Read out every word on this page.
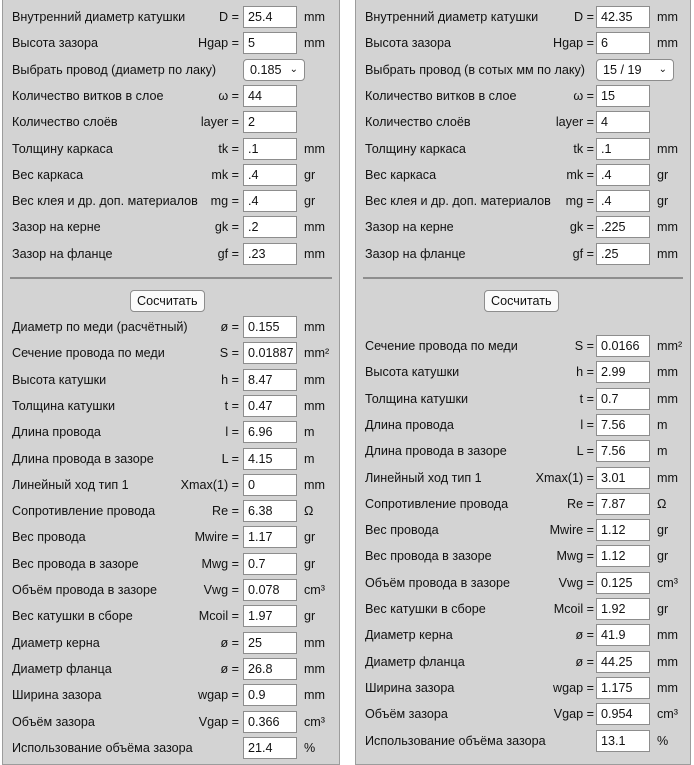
Внутренний диаметр катушки	D =
25.4	mm
Высота зазора	Hgap =
5	mm
Выбрать провод (диаметр по лаку)	0.185 ⌄
Количество витков в слое	ω =
44
Количество слоёв	layer =
2
Толщину каркаса	tk =
.1	mm
Вес каркаса	mk =
.4	gr
Вес клея и др. доп. материалов mg =
.4	gr
Зазор на керне	gk =
.2	mm
Зазор на фланце	gf =
.23	mm
Сосчитать
Диаметр по меди (расчётный)	ø =
0.155	mm
Сечение провода по меди	S =
0.01887	mm²
Высота катушки	h =
8.47	mm
Толщина катушки	t =
0.47	mm
Длина провода	l =
6.96	m
Длина провода в зазоре	L =
4.15	m
Линейный ход тип 1	Xmax(1) =
0	mm
Сопротивление провода	Re =
6.38	Ω
Вес провода	Mwire =
1.17	gr
Вес провода в зазоре	Mwg =
0.7	gr
Объём провода в зазоре	Vwg =
0.078	cm³
Вес катушки в сборе	Mcoil =
1.97	gr
Диаметр керна	ø =
25	mm
Диаметр фланца	ø =
26.8	mm
Ширина зазора	wgap =
0.9	mm
Объём зазора	Vgap =
0.366	cm³
Использование объёма зазора
21.4	%
Внутренний диаметр катушки	D =
42.35	mm
Высота зазора	Hgap =
6	mm
Выбрать провод (в сотых мм по лаку)	15 / 19 ⌄
Количество витков в слое	ω =
15
Количество слоёв	layer =
4
Толщину каркаса	tk =
.1	mm
Вес каркаса	mk =
.4	gr
Вес клея и др. доп. материалов mg =
.4	gr
Зазор на керне	gk =
.225	mm
Зазор на фланце	gf =
.25	mm
Сосчитать
Сечение провода по меди	S =
0.0166	mm²
Высота катушки	h =
2.99	mm
Толщина катушки	t =
0.7	mm
Длина провода	l =
7.56	m
Длина провода в зазоре	L =
7.56	m
Линейный ход тип 1	Xmax(1) =
3.01	mm
Сопротивление провода	Re =
7.87	Ω
Вес провода	Mwire =
1.12	gr
Вес провода в зазоре	Mwg =
1.12	gr
Объём провода в зазоре	Vwg =
0.125	cm³
Вес катушки в сборе	Mcoil =
1.92	gr
Диаметр керна	ø =
41.9	mm
Диаметр фланца	ø =
44.25	mm
Ширина зазора	wgap =
1.175	mm
Объём зазора	Vgap =
0.954	cm³
Использование объёма зазора
13.1	%
